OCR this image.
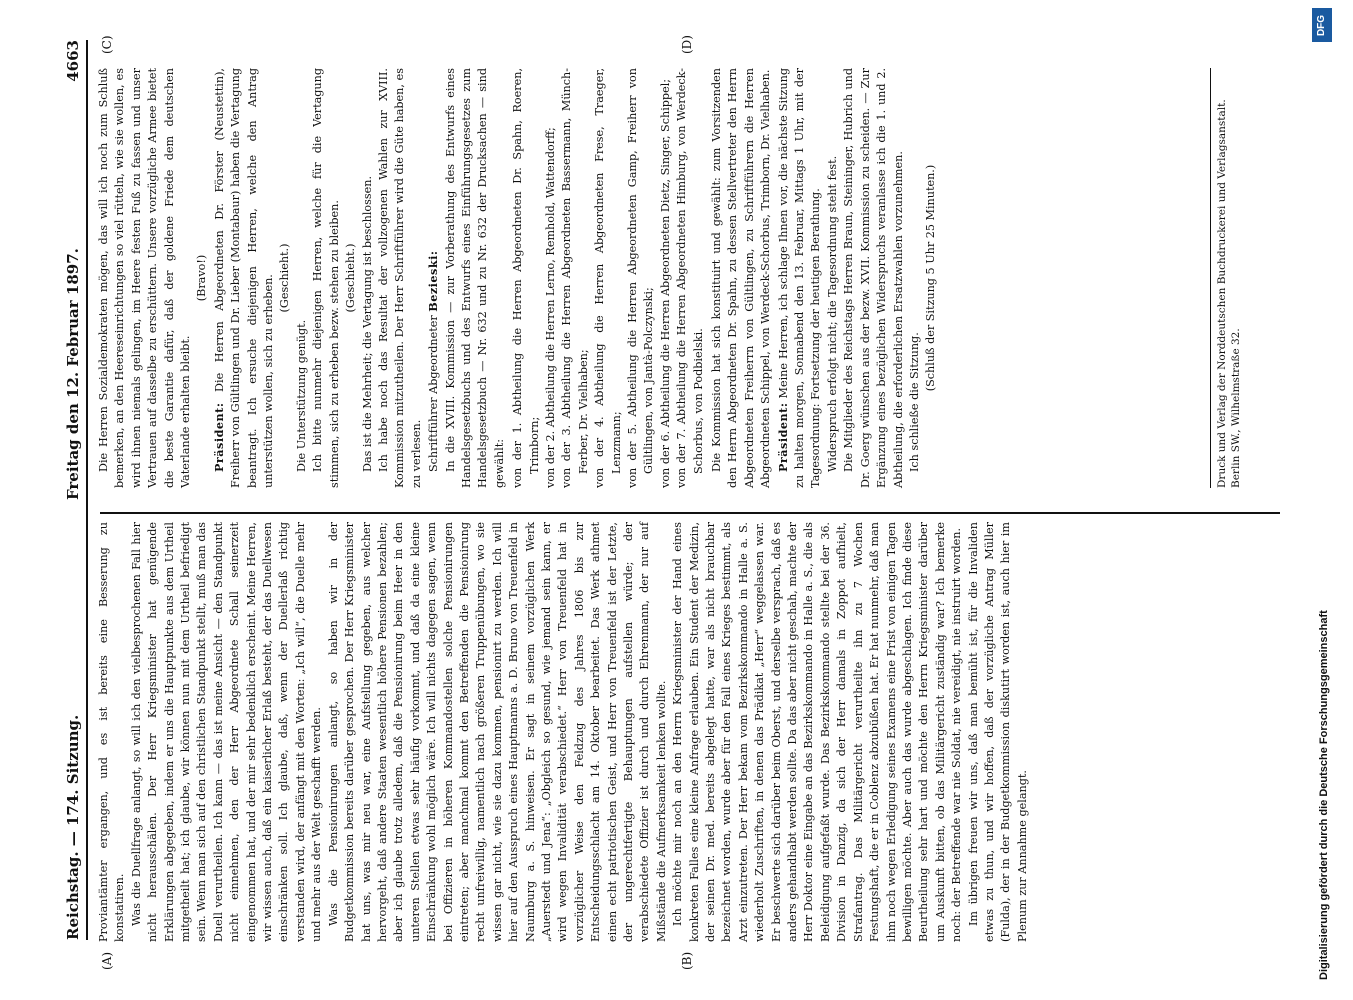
Reichstag. — 174. Sitzung.
Freitag den 12. Februar 1897.
4663
(A)	(B)
(C)	(D)

Proviantämter ergangen, und es ist bereits eine Besserung zu konstatiren. Was die Duellfrage anlangt, so will ich den vielbesprochenen Fall hier nicht herausschälen. Der Herr Kriegsminister hat genügende Erklärungen abgegeben, indem er uns die Hauptpunkte aus dem Urtheil mitgetheilt hat; ich glaube, wir können nun mit dem Urtheil befriedigt sein. Wenn man sich auf den christlichen Standpunkt stellt, muß man das Duell verurtheilen. Ich kann — das ist meine Ansicht — den Standpunkt nicht einnehmen, den der Herr Abgeordnete Schall seinerzeit eingenommen hat, und der mir sehr bedenklich erscheint. Meine Herren, wir wissen auch, daß ein kaiserlicher Erlaß besteht, der das Duellwesen einschränken soll. Ich glaube, daß, wenn der Duellerlaß richtig verstanden wird, der anfängt mit den Worten: „Ich will“, die Duelle mehr und mehr aus der Welt geschafft werden. Was die Pensionirungen anlangt, so haben wir in der Budgetkommission bereits darüber gesprochen. Der Herr Kriegsminister hat uns, was mir neu war, eine Aufstellung gegeben, aus welcher hervorgeht, daß andere Staaten wesentlich höhere Pensionen bezahlen; aber ich glaube trotz alledem, daß die Pensionirung beim Heer in den unteren Stellen etwas sehr häufig vorkommt, und daß da eine kleine Einschränkung wohl möglich wäre. Ich will nichts dagegen sagen, wenn bei Offizieren in höheren Kommandostellen solche Pensionirungen eintreten; aber manchmal kommt den Betreffenden die Pensionirung recht unfreiwillig, namentlich nach größeren Truppenübungen, wo sie wissen gar nicht, wie sie dazu kommen, pensionirt zu werden. Ich will hier auf den Ausspruch eines Hauptmanns a. D. Bruno von Treuenfeld in Naumburg a. S. hinweisen. Er sagt in seinem vorzüglichen Werk „Auerstedt und Jena“: „Obgleich so gesund, wie jemand sein kann, er wird wegen Invalidität verabschiedet.“ Herr von Treuenfeld hat in vorzüglicher Weise den Feldzug des Jahres 1806 bis zur Entscheidungsschlacht am 14. Oktober bearbeitet. Das Werk athmet einen echt patriotischen Geist, und Herr von Treuenfeld ist der Letzte, der ungerechtfertigte Behauptungen aufstellen würde; der verabschiedete Offizier ist durch und durch Ehrenmann, der nur auf Mißstände die Aufmerksamkeit lenken wollte. Ich möchte mir noch an den Herrn Kriegsminister der Hand eines konkreten Falles eine kleine Anfrage erlauben. Ein Student der Medizin, der seinen Dr. med. bereits abgelegt hatte, war als nicht brauchbar bezeichnet worden, wurde aber für den Fall eines Krieges bestimmt, als Arzt einzutreten. Der Herr bekam vom Bezirkskommando in Halle a. S. wiederholt Zuschriften, in denen das Prädikat „Herr“ weggelassen war. Er beschwerte sich darüber beim Oberst, und derselbe versprach, daß es anders gehandhabt werden sollte. Da das aber nicht geschah, machte der Herr Doktor eine Eingabe an das Bezirkskommando in Halle a. S., die als Beleidigung aufgefaßt wurde. Das Bezirkskommando stellte bei der 36. Division in Danzig, da sich der Herr damals in Zoppot aufhielt, Strafantrag. Das Militärgericht verurtheilte ihn zu 7 Wochen Festungshaft, die er in Coblenz abzubüßen hat. Er hat nunmehr, daß man ihm noch wegen Erledigung seines Examens eine Frist von einigen Tagen bewilligen möchte. Aber auch das wurde abgeschlagen. Ich finde diese Beurtheilung sehr hart und möchte den Herrn Kriegsminister darüber um Auskunft bitten, ob das Militärgericht zuständig war? Ich bemerke noch: der Betreffende war nie Soldat, nie vereidigt, nie instruirt worden. Im übrigen freuen wir uns, daß man bemüht ist, für die Invaliden etwas zu thun, und wir hoffen, daß der vorzügliche Antrag Müller (Fulda), der in der Budgetkommission diskutirt worden ist, auch hier im Plenum zur Annahme gelangt.

Die Herren Sozialdemokraten mögen, das will ich noch zum Schluß bemerken, an den Heereseinrichtungen so viel rütteln, wie sie wollen, es wird ihnen niemals gelingen, im Heere festen Fuß zu fassen und unser Vertrauen auf dasselbe zu erschüttern. Unsere vorzügliche Armee bietet die beste Garantie dafür, daß der goldene Friede dem deutschen Vaterlande erhalten bleibt.

(Bravo!)

Präsident: Die Herren Abgeordneten Dr. Förster (Neustettin), Freiherr von Gültlingen und Dr. Lieber (Montabaur) haben die Vertagung beantragt. Ich ersuche diejenigen Herren, welche den Antrag unterstützen wollen, sich zu erheben. (Geschieht.)

Die Unterstützung genügt. Ich bitte nunmehr diejenigen Herren, welche für die Vertagung stimmen, sich zu erheben bezw. stehen zu bleiben. (Geschieht.) Das ist die Mehrheit; die Vertagung ist beschlossen. Ich habe noch das Resultat der vollzogenen Wahlen zur XVIII. Kommission mitzutheilen. Der Herr Schriftführer wird die Güte haben, es zu verlesen. Schriftführer Abgeordneter Bezieski: In die XVIII. Kommission — zur Vorberathung des Entwurfs eines Handelsgesetzbuchs und des Entwurfs eines Einführungsgesetzes zum Handelsgesetzbuch — Nr. 632 und zu Nr. 632 der Drucksachen — sind gewählt: von der 1. Abtheilung die Herren Abgeordneten Dr. Spahn, Roeren, Trimborn; von der 2. Abtheilung die Herren Lerno, Remhold, Wattendorff; von der 3. Abtheilung die Herren Abgeordneten Bassermann, Münch-Ferber, Dr. Vielhaben; von der 4. Abtheilung die Herren Abgeordneten Frese, Traeger, Lenzmann; von der 5. Abtheilung die Herren Abgeordneten Gamp, Freiherr von Gültlingen, von Jantà-Polczynski; von der 6. Abtheilung die Herren Abgeordneten Dietz, Singer, Schippel; von der 7. Abtheilung die Herren Abgeordneten Himburg, von Werdeck-Schorbus, von Podbielski. Die Kommission hat sich konstituirt und gewählt: zum Vorsitzenden den Herrn Abgeordneten Dr. Spahn, zu dessen Stellvertreter den Herrn Abgeordneten Freiherrn von Gültlingen, zu Schriftführern die Herren Abgeordneten Schippel, von Werdeck-Schorbus, Trimborn, Dr. Vielhaben. Präsident: Meine Herren, ich schlage Ihnen vor, die nächste Sitzung zu halten morgen, Sonnabend den 13. Februar, Mittags 1 Uhr, mit der Tagesordnung: Fortsetzung der heutigen Berathung. Widerspruch erfolgt nicht; die Tagesordnung steht fest. Die Mitglieder des Reichstags Herren Braun, Steininger, Hubrich und Dr. Goerg wünschen aus der bezw. XVII. Kommission zu scheiden. — Zur Ergänzung eines bezüglichen Widerspruchs veranlasse ich die 1. und 2. Abtheilung, die erforderlichen Ersatzwahlen vorzunehmen. Ich schließe die Sitzung.

(Schluß der Sitzung 5 Uhr 25 Minuten.)	Druck und Verlag der Norddeutschen Buchdruckerei und Verlagsanstalt. Berlin SW., Wilhelmstraße 32.
Digitalisierung gefördert durch die Deutsche Forschungsgemeinschaft
DFG
